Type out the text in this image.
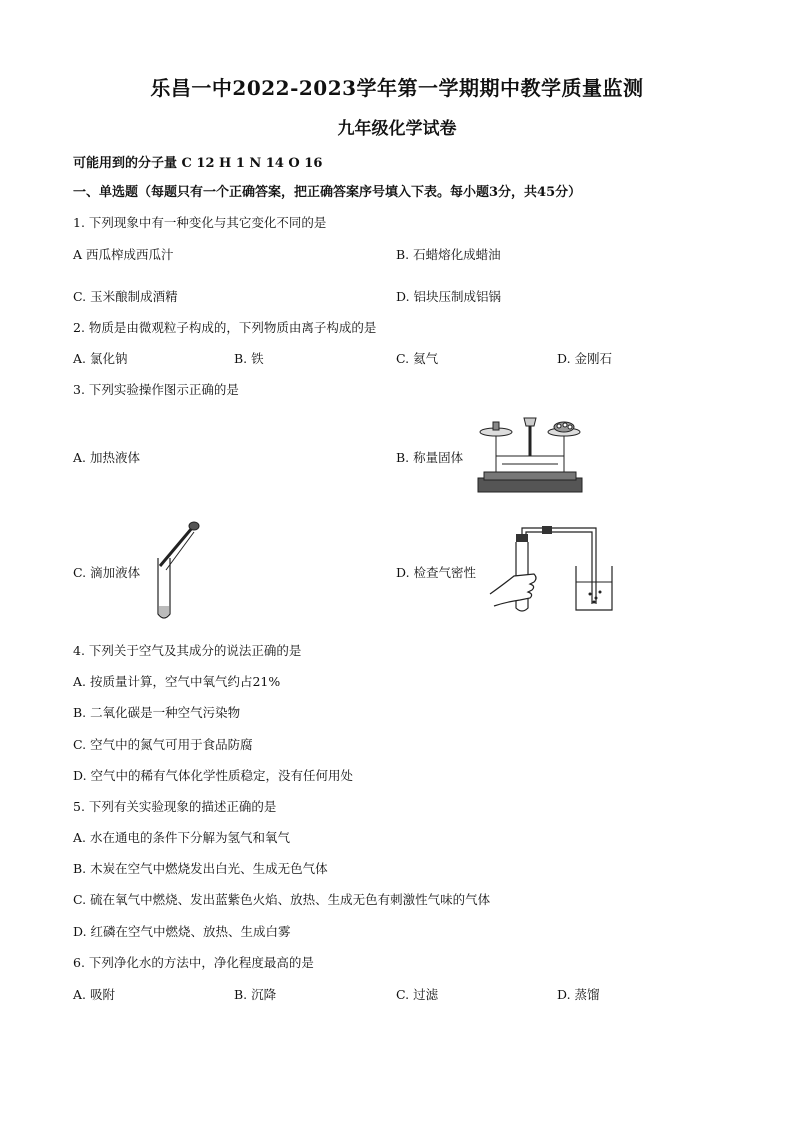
乐昌一中2022-2023学年第一学期期中教学质量监测
九年级化学试卷
可能用到的分子量 C 12 H 1 N 14 O 16
一、单选题（每题只有一个正确答案，把正确答案序号填入下表。每小题3分，共45分）
1. 下列现象中有一种变化与其它变化不同的是
A 西瓜榨成西瓜汁	B. 石蜡熔化成蜡油
C. 玉米酿制成酒精	D. 铝块压制成铝锅
2. 物质是由微观粒子构成的，下列物质由离子构成的是
A. 氯化钠	B. 铁	C. 氦气	D. 金刚石
3. 下列实验操作图示正确的是
A. 加热液体	B. 称量固体
C. 滴加液体	D. 检查气密性
4. 下列关于空气及其成分的说法正确的是
A. 按质量计算，空气中氧气约占21%
B. 二氧化碳是一种空气污染物
C. 空气中的氮气可用于食品防腐
D. 空气中的稀有气体化学性质稳定，没有任何用处
5. 下列有关实验现象的描述正确的是
A. 水在通电的条件下分解为氢气和氧气
B. 木炭在空气中燃烧发出白光、生成无色气体
C. 硫在氧气中燃烧、发出蓝紫色火焰、放热、生成无色有刺激性气味的气体
D. 红磷在空气中燃烧、放热、生成白雾
6. 下列净化水的方法中，净化程度最高的是
A. 吸附	B. 沉降	C. 过滤	D. 蒸馏
